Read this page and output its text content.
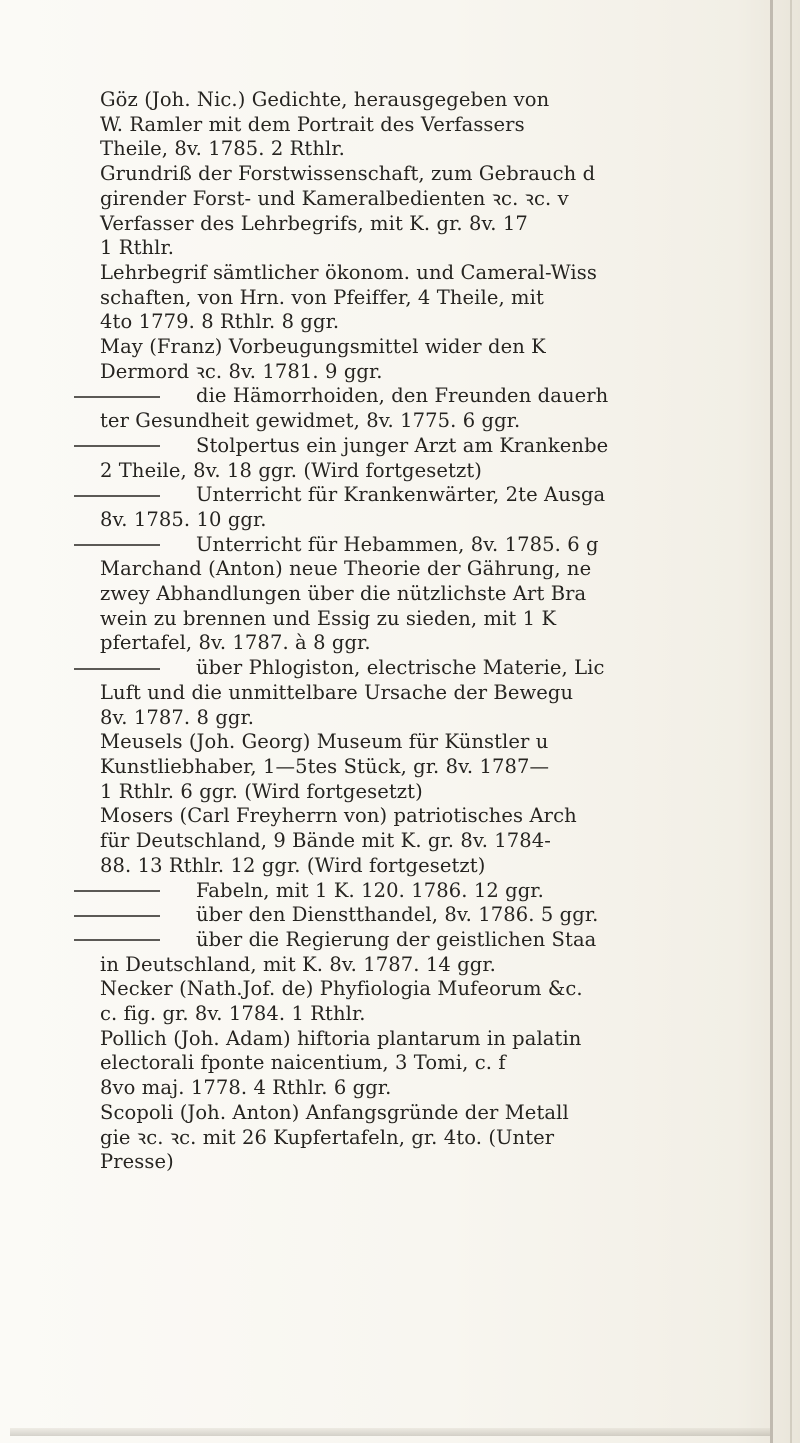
Göz (Joh. Nic.) Gedichte, herausgegeben von
W. Ramler mit dem Portrait des Verfassers
Theile, 8v. 1785. 2 Rthlr.
Grundriß der Forstwissenschaft, zum Gebrauch d
girender Forst- und Kameralbedienten ꝛc. ꝛc. v
Verfasser des Lehrbegrifs, mit K. gr. 8v. 17
1 Rthlr.
Lehrbegrif sämtlicher ökonom. und Cameral-Wiss
schaften, von Hrn. von Pfeiffer, 4 Theile, mit
4to 1779. 8 Rthlr. 8 ggr.
May (Franz) Vorbeugungsmittel wider den K
Dermord ꝛc. 8v. 1781. 9 ggr.
die Hämorrhoiden, den Freunden dauerh
ter Gesundheit gewidmet, 8v. 1775. 6 ggr.
Stolpertus ein junger Arzt am Krankenbe
2 Theile, 8v. 18 ggr. (Wird fortgesetzt)
Unterricht für Krankenwärter, 2te Ausga
8v. 1785. 10 ggr.
Unterricht für Hebammen, 8v. 1785. 6 g
Marchand (Anton) neue Theorie der Gährung, ne
zwey Abhandlungen über die nützlichste Art Bra
wein zu brennen und Essig zu sieden, mit 1 K
pfertafel, 8v. 1787. à 8 ggr.
über Phlogiston, electrische Materie, Lic
Luft und die unmittelbare Ursache der Bewegu
8v. 1787. 8 ggr.
Meusels (Joh. Georg) Museum für Künstler u
Kunstliebhaber, 1—5tes Stück, gr. 8v. 1787—
1 Rthlr. 6 ggr. (Wird fortgesetzt)
Mosers (Carl Freyherrn von) patriotisches Arch
für Deutschland, 9 Bände mit K. gr. 8v. 1784-
88. 13 Rthlr. 12 ggr. (Wird fortgesetzt)
Fabeln, mit 1 K. 120. 1786. 12 ggr.
über den Dienstthandel, 8v. 1786. 5 ggr.
über die Regierung der geistlichen Staa
in Deutschland, mit K. 8v. 1787. 14 ggr.
Necker (Nath.Jof. de) Phyfiologia Mufeorum &c.
c. fig. gr. 8v. 1784. 1 Rthlr.
Pollich (Joh. Adam) hiftoria plantarum in palatin
electorali fponte naicentium, 3 Tomi, c. f
8vo maj. 1778. 4 Rthlr. 6 ggr.
Scopoli (Joh. Anton) Anfangsgründe der Metall
gie ꝛc. ꝛc. mit 26 Kupfertafeln, gr. 4to. (Unter
Presse)
